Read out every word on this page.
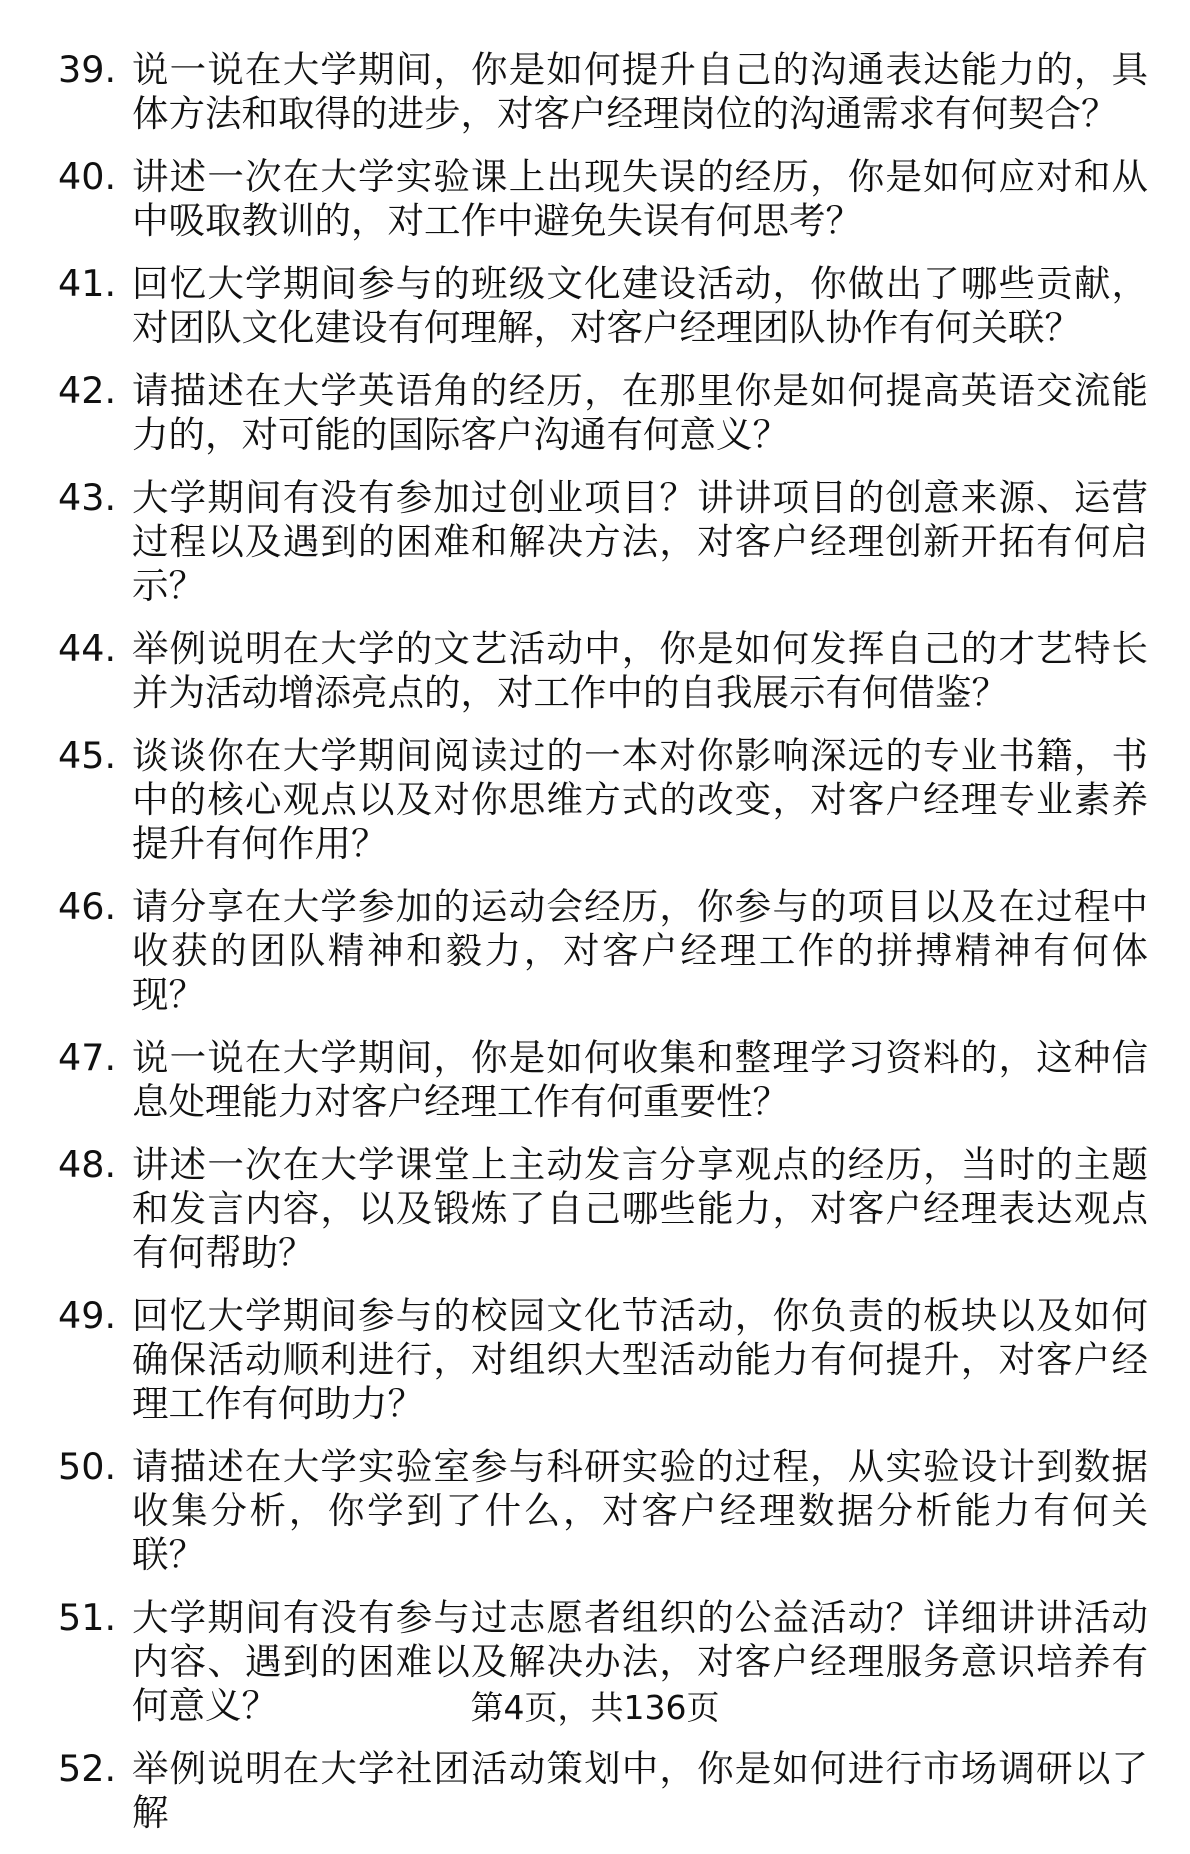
39. 说一说在大学期间，你是如何提升自己的沟通表达能力的，具体方法和取得的进步，对客户经理岗位的沟通需求有何契合？
40. 讲述一次在大学实验课上出现失误的经历，你是如何应对和从中吸取教训的，对工作中避免失误有何思考？
41. 回忆大学期间参与的班级文化建设活动，你做出了哪些贡献，对团队文化建设有何理解，对客户经理团队协作有何关联？
42. 请描述在大学英语角的经历，在那里你是如何提高英语交流能力的，对可能的国际客户沟通有何意义？
43. 大学期间有没有参加过创业项目？讲讲项目的创意来源、运营过程以及遇到的困难和解决方法，对客户经理创新开拓有何启示？
44. 举例说明在大学的文艺活动中，你是如何发挥自己的才艺特长并为活动增添亮点的，对工作中的自我展示有何借鉴？
45. 谈谈你在大学期间阅读过的一本对你影响深远的专业书籍，书中的核心观点以及对你思维方式的改变，对客户经理专业素养提升有何作用？
46. 请分享在大学参加的运动会经历，你参与的项目以及在过程中收获的团队精神和毅力，对客户经理工作的拼搏精神有何体现？
47. 说一说在大学期间，你是如何收集和整理学习资料的，这种信息处理能力对客户经理工作有何重要性？
48. 讲述一次在大学课堂上主动发言分享观点的经历，当时的主题和发言内容，以及锻炼了自己哪些能力，对客户经理表达观点有何帮助？
49. 回忆大学期间参与的校园文化节活动，你负责的板块以及如何确保活动顺利进行，对组织大型活动能力有何提升，对客户经理工作有何助力？
50. 请描述在大学实验室参与科研实验的过程，从实验设计到数据收集分析，你学到了什么，对客户经理数据分析能力有何关联？
51. 大学期间有没有参与过志愿者组织的公益活动？详细讲讲活动内容、遇到的困难以及解决办法，对客户经理服务意识培养有何意义？
52. 举例说明在大学社团活动策划中，你是如何进行市场调研以了解
第4页，共136页
